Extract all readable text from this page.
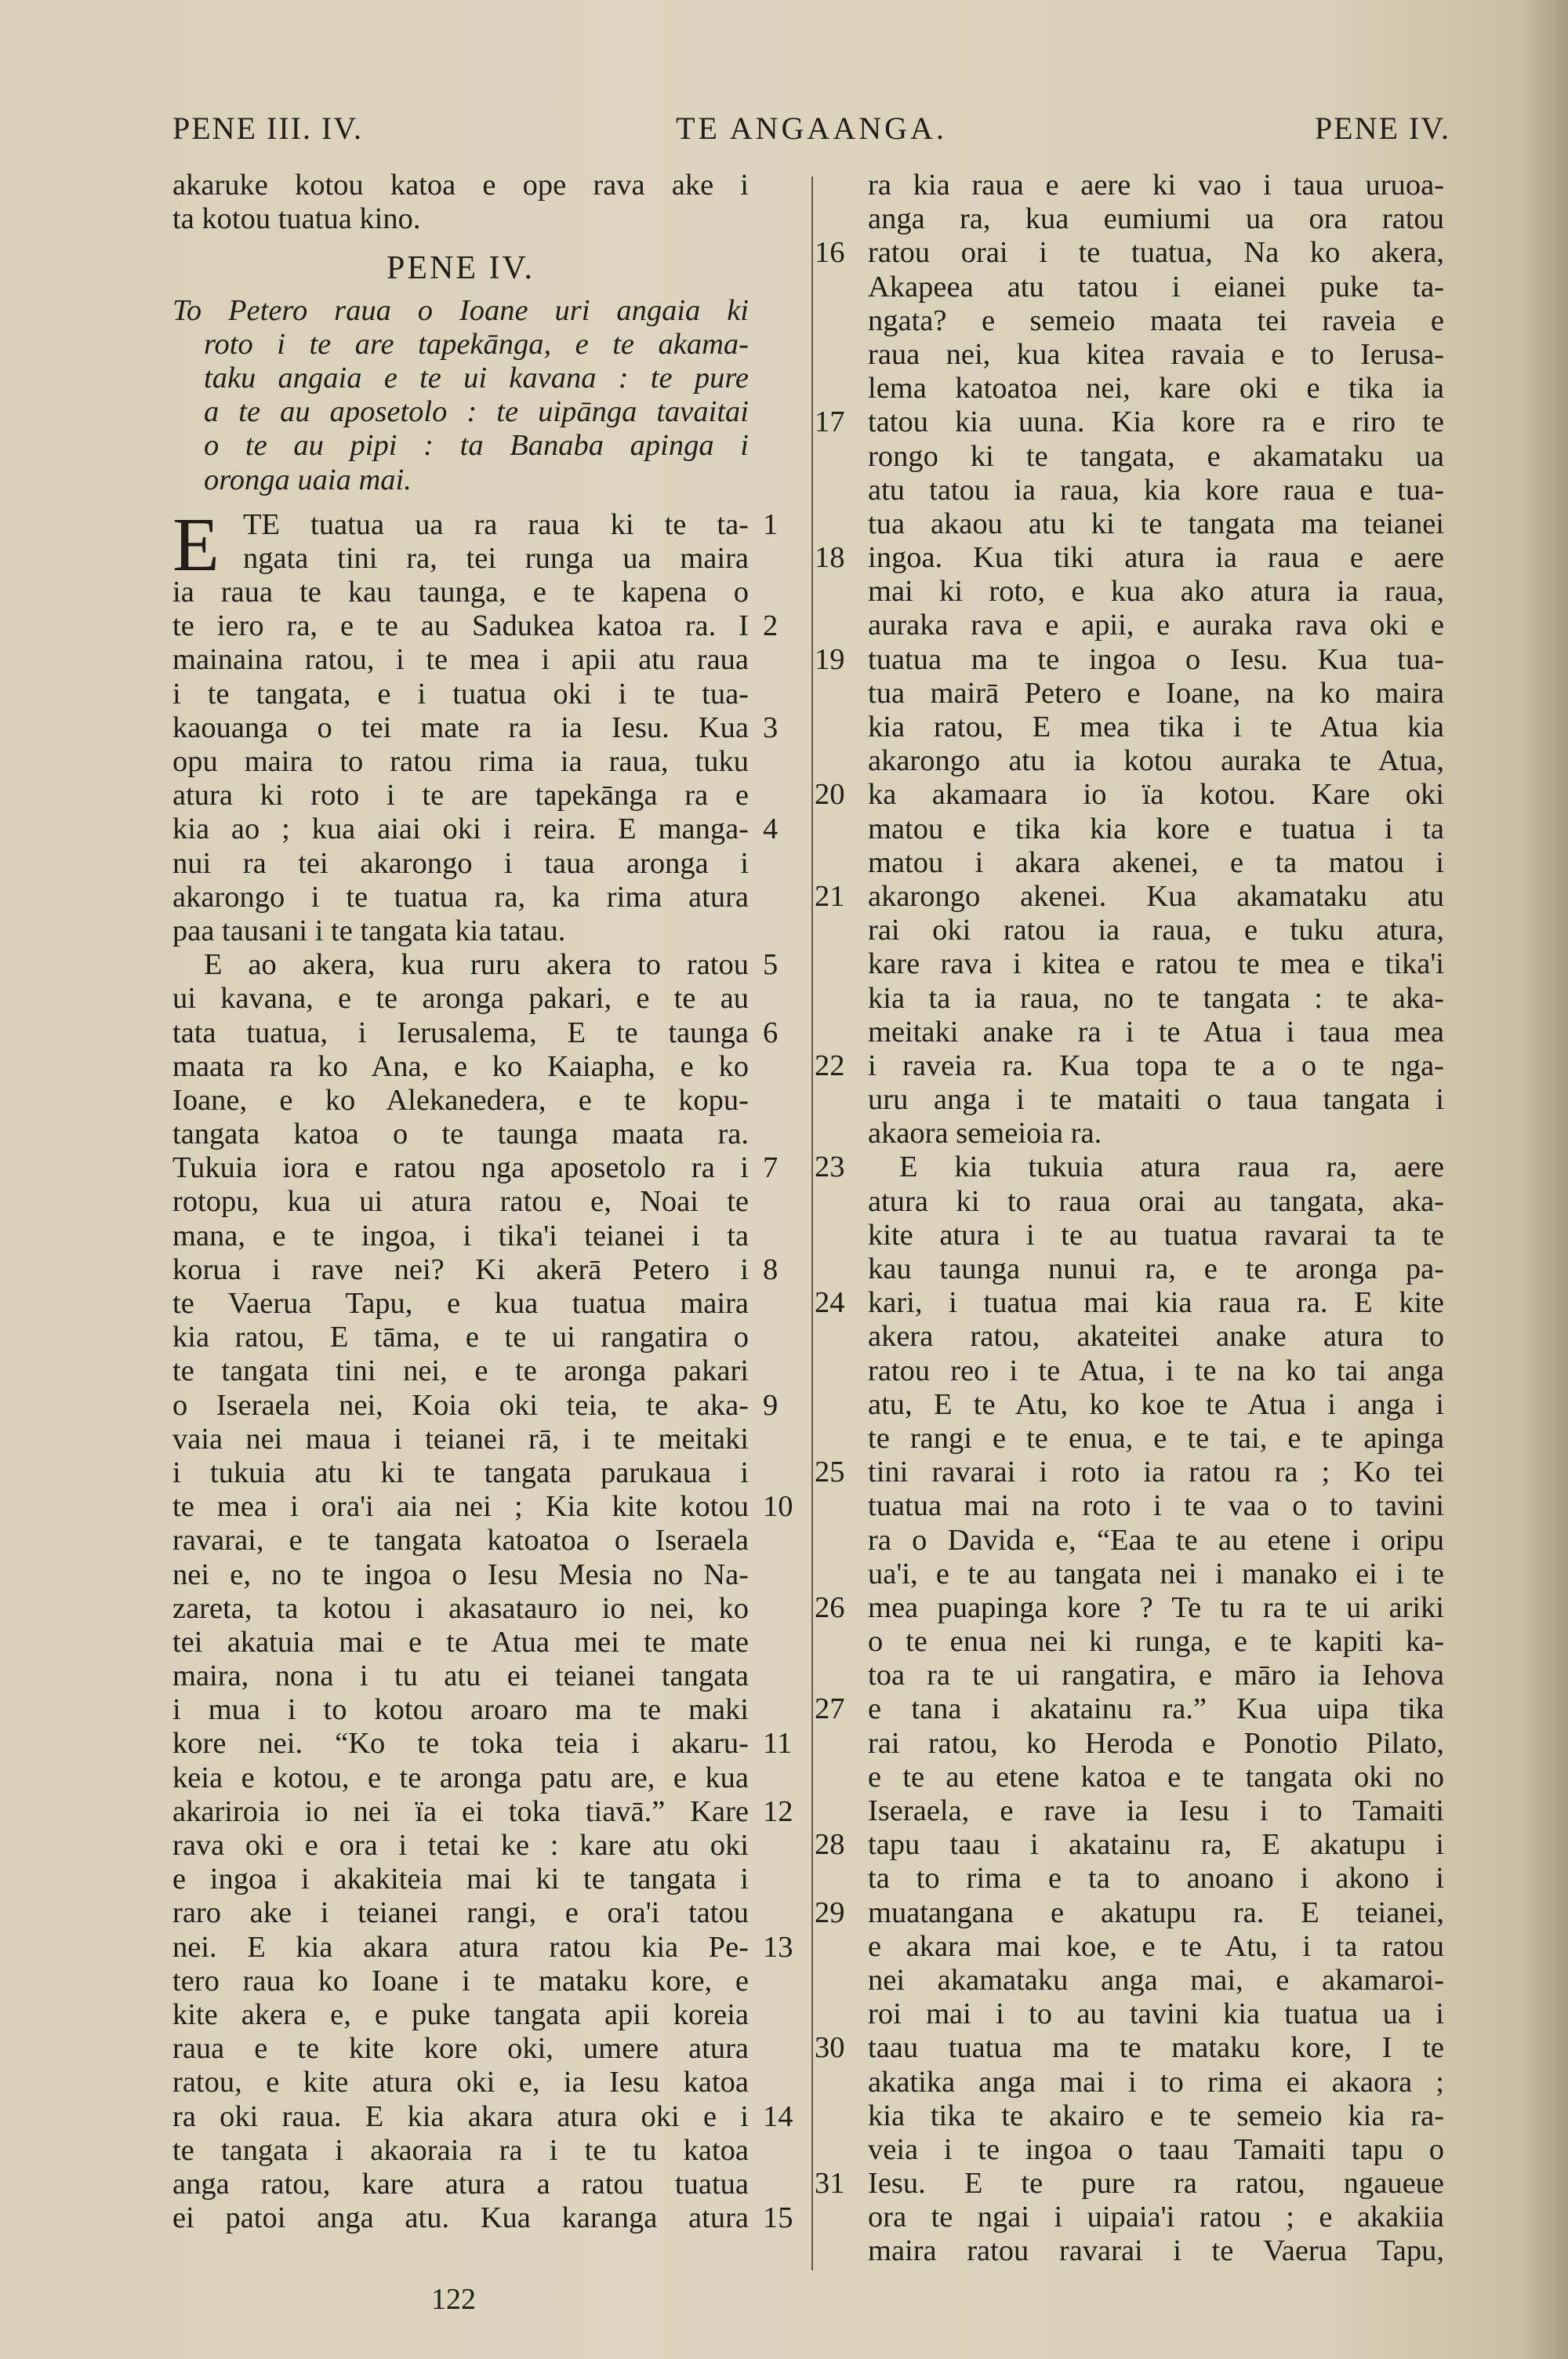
PENE III. IV.	TE ANGAANGA.	PENE IV.
akaruke kotou katoa e ope rava ake i
ta kotou tuatua kino.
PENE IV.
To Petero raua o Ioane uri angaia ki
roto i te are tapekānga, e te akama-
taku angaia e te ui kavana : te pure
a te au aposetolo : te uipānga tavaitai
o te au pipi : ta Banaba apinga i
oronga uaia mai.
TE tuatua ua ra raua ki te ta- 1
E ngata tini ra, tei runga ua maira
ia raua te kau taunga, e te kapena o
te iero ra, e te au Sadukea katoa ra. I 2
mainaina ratou, i te mea i apii atu raua
i te tangata, e i tuatua oki i te tua-
kaouanga o tei mate ra ia Iesu. Kua 3
opu maira to ratou rima ia raua, tuku
atura ki roto i te are tapekānga ra e
kia ao ; kua aiai oki i reira. E manga- 4
nui ra tei akarongo i taua aronga i
akarongo i te tuatua ra, ka rima atura
paa tausani i te tangata kia tatau.
E ao akera, kua ruru akera to ratou 5
ui kavana, e te aronga pakari, e te au
tata tuatua, i Ierusalema, E te taunga 6
maata ra ko Ana, e ko Kaiapha, e ko
Ioane, e ko Alekanedera, e te kopu-
tangata katoa o te taunga maata ra.
Tukuia iora e ratou nga aposetolo ra i 7
rotopu, kua ui atura ratou e, Noai te
mana, e te ingoa, i tika'i teianei i ta
korua i rave nei? Ki akerā Petero i 8
te Vaerua Tapu, e kua tuatua maira
kia ratou, E tāma, e te ui rangatira o
te tangata tini nei, e te aronga pakari
o Iseraela nei, Koia oki teia, te aka- 9
vaia nei maua i teianei rā, i te meitaki
i tukuia atu ki te tangata parukaua i
te mea i ora'i aia nei ; Kia kite kotou 10
ravarai, e te tangata katoatoa o Iseraela
nei e, no te ingoa o Iesu Mesia no Na-
zareta, ta kotou i akasatauro io nei, ko
tei akatuia mai e te Atua mei te mate
maira, nona i tu atu ei teianei tangata
i mua i to kotou aroaro ma te maki
kore nei. “Ko te toka teia i akaru- 11
keia e kotou, e te aronga patu are, e kua
akariroia io nei ïa ei toka tiavā.” Kare 12
rava oki e ora i tetai ke : kare atu oki
e ingoa i akakiteia mai ki te tangata i
raro ake i teianei rangi, e ora'i tatou
nei. E kia akara atura ratou kia Pe- 13
tero raua ko Ioane i te mataku kore, e
kite akera e, e puke tangata apii koreia
raua e te kite kore oki, umere atura
ratou, e kite atura oki e, ia Iesu katoa
ra oki raua. E kia akara atura oki e i 14
te tangata i akaoraia ra i te tu katoa
anga ratou, kare atura a ratou tuatua
ei patoi anga atu. Kua karanga atura 15
ra kia raua e aere ki vao i taua uruoa-
anga ra, kua eumiumi ua ora ratou
ratou orai i te tuatua, Na ko akera,
16
Akapeea atu tatou i eianei puke ta-
ngata? e semeio maata tei raveia e
raua nei, kua kitea ravaia e to Ierusa-
lema katoatoa nei, kare oki e tika ia
tatou kia uuna. Kia kore ra e riro te
17
rongo ki te tangata, e akamataku ua
atu tatou ia raua, kia kore raua e tua-
tua akaou atu ki te tangata ma teianei
ingoa. Kua tiki atura ia raua e aere
18
mai ki roto, e kua ako atura ia raua,
auraka rava e apii, e auraka rava oki e
tuatua ma te ingoa o Iesu. Kua tua-
19
tua mairā Petero e Ioane, na ko maira
kia ratou, E mea tika i te Atua kia
akarongo atu ia kotou auraka te Atua,
ka akamaara io ïa kotou. Kare oki
20
matou e tika kia kore e tuatua i ta
matou i akara akenei, e ta matou i
akarongo akenei. Kua akamataku atu
21
rai oki ratou ia raua, e tuku atura,
kare rava i kitea e ratou te mea e tika'i
kia ta ia raua, no te tangata : te aka-
meitaki anake ra i te Atua i taua mea
i raveia ra. Kua topa te a o te nga-
22
uru anga i te mataiti o taua tangata i
akaora semeioia ra.
E kia tukuia atura raua ra, aere
23
atura ki to raua orai au tangata, aka-
kite atura i te au tuatua ravarai ta te
kau taunga nunui ra, e te aronga pa-
kari, i tuatua mai kia raua ra. E kite
24
akera ratou, akateitei anake atura to
ratou reo i te Atua, i te na ko tai anga
atu, E te Atu, ko koe te Atua i anga i
te rangi e te enua, e te tai, e te apinga
tini ravarai i roto ia ratou ra ; Ko tei
25
tuatua mai na roto i te vaa o to tavini
ra o Davida e, “Eaa te au etene i oripu
ua'i, e te au tangata nei i manako ei i te
mea puapinga kore ? Te tu ra te ui ariki
26
o te enua nei ki runga, e te kapiti ka-
toa ra te ui rangatira, e māro ia Iehova
e tana i akatainu ra.” Kua uipa tika
27
rai ratou, ko Heroda e Ponotio Pilato,
e te au etene katoa e te tangata oki no
Iseraela, e rave ia Iesu i to Tamaiti
tapu taau i akatainu ra, E akatupu i
28
ta to rima e ta to anoano i akono i
muatangana e akatupu ra. E teianei,
29
e akara mai koe, e te Atu, i ta ratou
nei akamataku anga mai, e akamaroi-
roi mai i to au tavini kia tuatua ua i
taau tuatua ma te mataku kore, I te
30
akatika anga mai i to rima ei akaora ;
kia tika te akairo e te semeio kia ra-
veia i te ingoa o taau Tamaiti tapu o
Iesu. E te pure ra ratou, ngaueue
31
ora te ngai i uipaia'i ratou ; e akakiia
maira ratou ravarai i te Vaerua Tapu,
122
